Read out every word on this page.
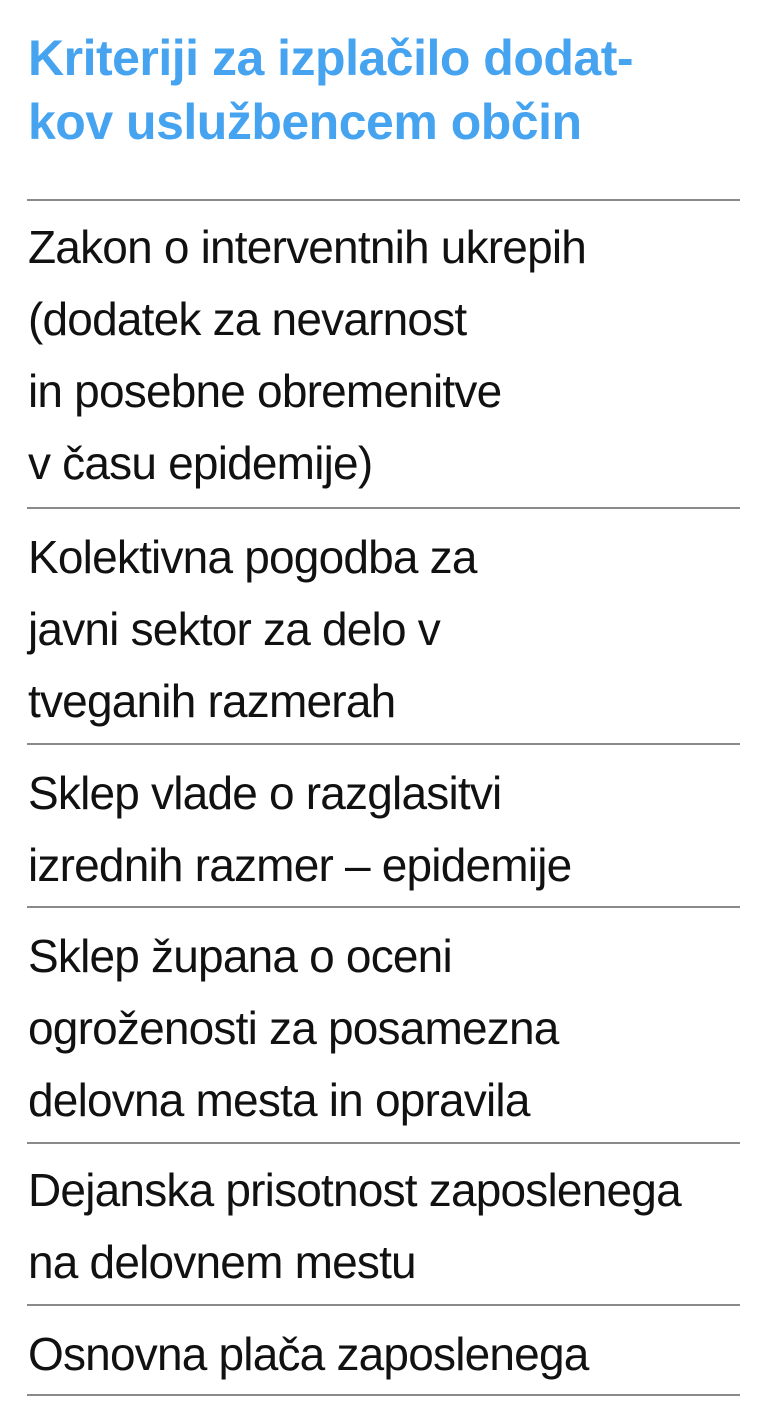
Kriteriji za izplačilo dodat-
kov uslužbencem občin
Zakon o interventnih ukrepih
(dodatek za nevarnost
in posebne obremenitve
v času epidemije)
Kolektivna pogodba za
javni sektor za delo v
tveganih razmerah
Sklep vlade o razglasitvi
izrednih razmer – epidemije
Sklep župana o oceni
ogroženosti za posamezna
delovna mesta in opravila
Dejanska prisotnost zaposlenega
na delovnem mestu
Osnovna plača zaposlenega
